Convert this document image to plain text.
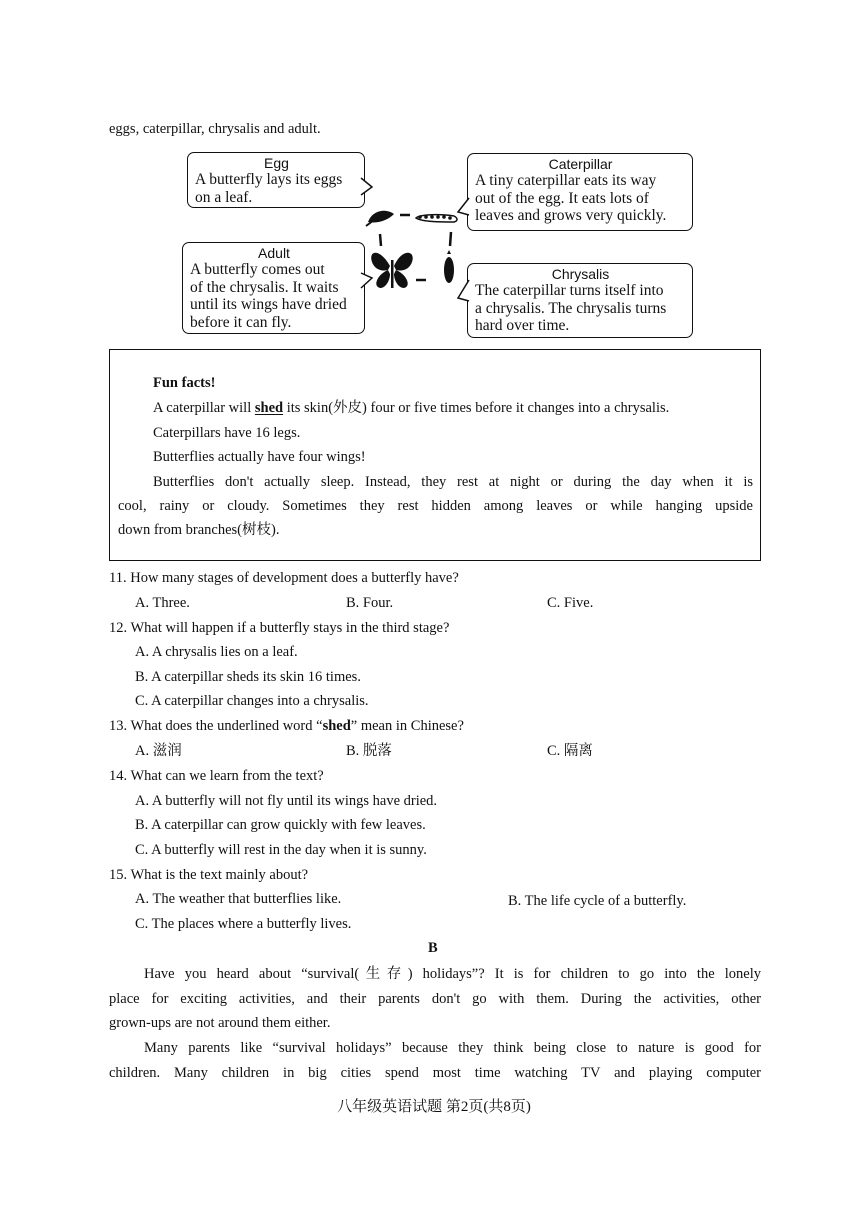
eggs, caterpillar, chrysalis and adult.
Egg
A butterfly lays its eggs
on a leaf.
Caterpillar
A tiny caterpillar eats its way
out of the egg. It eats lots of
leaves and grows very quickly.
Adult
A butterfly comes out
of the chrysalis. It waits
until its wings have dried
before it can fly.
Chrysalis
The caterpillar turns itself into
a chrysalis. The chrysalis turns
hard over time.
Fun facts!
A caterpillar will shed its skin(外皮) four or five times before it changes into a chrysalis.
Caterpillars have 16 legs.
Butterflies actually have four wings!
Butterflies don't actually sleep. Instead, they rest at night or during the day when it is
cool, rainy or cloudy. Sometimes they rest hidden among leaves or while hanging upside
down from branches(树枝).
11. How many stages of development does a butterfly have?
A. Three.	B. Four.	C. Five.
12. What will happen if a butterfly stays in the third stage?
A. A chrysalis lies on a leaf.
B. A caterpillar sheds its skin 16 times.
C. A caterpillar changes into a chrysalis.
13. What does the underlined word “shed” mean in Chinese?
A. 滋润	B. 脱落	C. 隔离
14. What can we learn from the text?
A. A butterfly will not fly until its wings have dried.
B. A caterpillar can grow quickly with few leaves.
C. A butterfly will rest in the day when it is sunny.
15. What is the text mainly about?
A. The weather that butterflies like.	B. The life cycle of a butterfly.
C. The places where a butterfly lives.
B
Have you heard about “survival(生存) holidays”? It is for children to go into the lonely
place for exciting activities, and their parents don't go with them. During the activities, other
grown-ups are not around them either.
Many parents like “survival holidays” because they think being close to nature is good for
children. Many children in big cities spend most time watching TV and playing computer
八年级英语试题 第2页(共8页)
